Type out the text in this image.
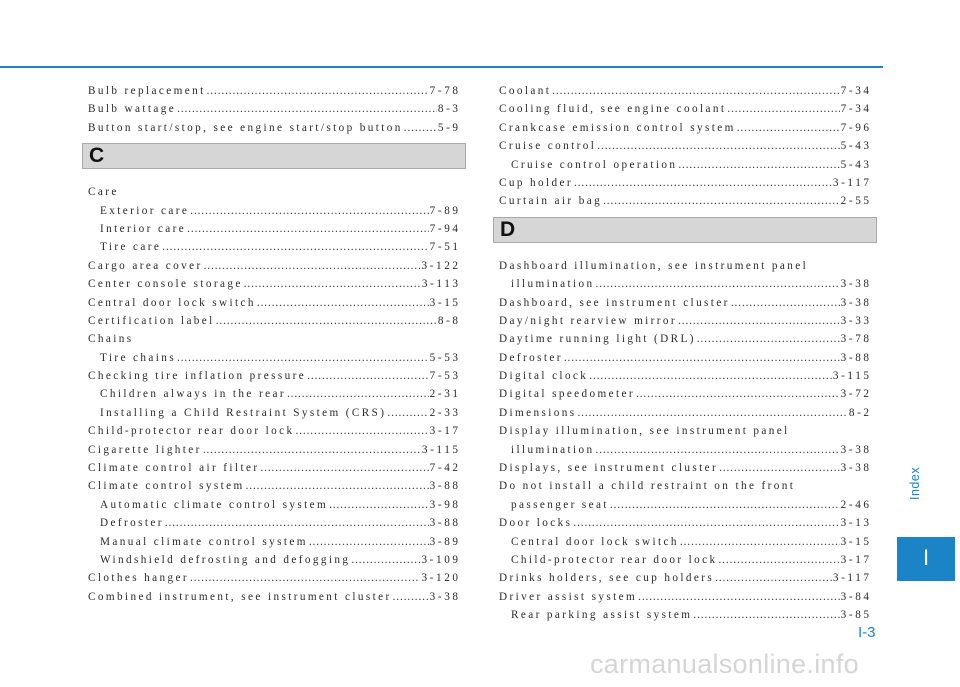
Bulb replacement .....	7-78
Bulb wattage .....	8-3
Button start/stop, see engine start/stop button .....	5-9
C
Care
Exterior care .....	7-89
Interior care .....	7-94
Tire care .....	7-51
Cargo area cover .....	3-122
Center console storage .....	3-113
Central door lock switch .....	3-15
Certification label .....	8-8
Chains
Tire chains .....	5-53
Checking tire inflation pressure .....	7-53
Children always in the rear .....	2-31
Installing a Child Restraint System (CRS) .....	2-33
Child-protector rear door lock .....	3-17
Cigarette lighter .....	3-115
Climate control air filter .....	7-42
Climate control system .....	3-88
Automatic climate control system .....	3-98
Defroster .....	3-88
Manual climate control system .....	3-89
Windshield defrosting and defogging .....	3-109
Clothes hanger .....	3-120
Combined instrument, see instrument cluster .....	3-38
Coolant .....	7-34
Cooling fluid, see engine coolant .....	7-34
Crankcase emission control system .....	7-96
Cruise control .....	5-43
Cruise control operation .....	5-43
Cup holder .....	3-117
Curtain air bag .....	2-55
D
Dashboard illumination, see instrument panel
illumination .....	3-38
Dashboard, see instrument cluster .....	3-38
Day/night rearview mirror .....	3-33
Daytime running light (DRL) .....	3-78
Defroster .....	3-88
Digital clock .....	3-115
Digital speedometer .....	3-72
Dimensions .....	8-2
Display illumination, see instrument panel
illumination .....	3-38
Displays, see instrument cluster .....	3-38
Do not install a child restraint on the front
passenger seat .....	2-46
Door locks .....	3-13
Central door lock switch .....	3-15
Child-protector rear door lock .....	3-17
Drinks holders, see cup holders .....	3-117
Driver assist system .....	3-84
Rear parking assist system .....	3-85
Index
I
I-3
carmanualsonline.info
